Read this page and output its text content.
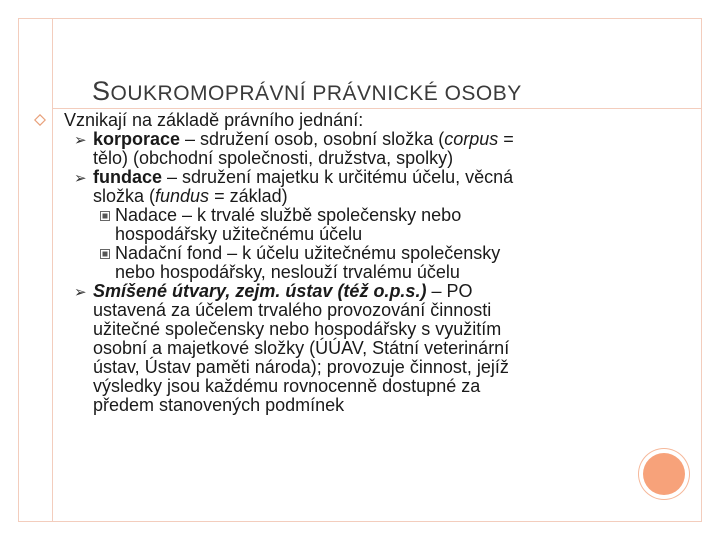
SOUKROMOPRÁVNÍ PRÁVNICKÉ OSOBY
Vznikají na základě právního jednání:
➢ korporace – sdružení osob, osobní složka (corpus =
tělo) (obchodní společnosti, družstva, spolky)
➢ fundace – sdružení majetku k určitému účelu, věcná
složka (fundus = základ)
Nadace – k trvalé službě společensky nebo
hospodářsky užitečnému účelu
Nadační fond – k účelu užitečnému společensky
nebo hospodářsky, neslouží trvalému účelu
➢ Smíšené útvary, zejm. ústav (též o.p.s.) – PO
ustavená za účelem trvalého provozování činnosti
užitečné společensky nebo hospodářsky s využitím
osobní a majetkové složky (ÚÚAV, Státní veterinární
ústav, Ústav paměti národa); provozuje činnost, jejíž
výsledky jsou každému rovnocenně dostupné za
předem stanovených podmínek
